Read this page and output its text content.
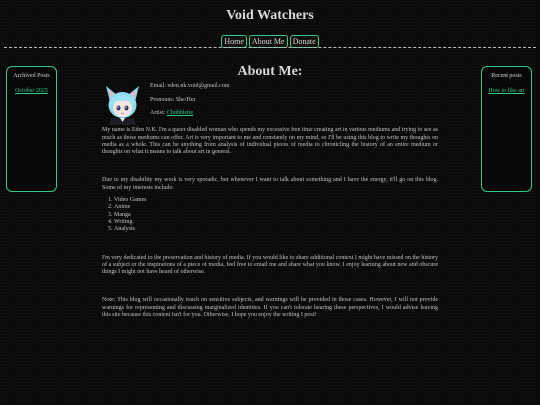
Void Watchers
Home About Me Donate
Archived Posts
October 2025
Recent posts
How to like art
About Me:

Email: eden.nk.void@gmail.com

Pronouns: She/Her

Artist: Chubblette

My name is Eden N.K. I'm a queer disabled woman who spends my excessive free time creating art in various mediums and trying to see as much as those mediums can offer. Art is very important to me and constantly on my mind, so I'll be using this blog to write my thoughts on media as a whole. This can be anything from analysis of individual pieces of media to chronicling the history of an entire medium or thoughts on what it means to talk about art in general.

Due to my disability my work is very sporadic, but whenever I want to talk about something and I have the energy, it'll go on this blog. Some of my interests include:

1. Video Games
2. Anime
3. Manga
4. Writing
5. Analysis

I'm very dedicated to the preservation and history of media. If you would like to share additional context I might have missed on the history of a subject or the inspirations of a piece of media, feel free to email me and share what you know. I enjoy learning about new and obscure things I might not have heard of otherwise.

Note: This blog will occasionally touch on sensitive subjects, and warnings will be provided in those cases. However, I will not provide warnings for representing and discussing marginalized identities. If you can't tolerate hearing these perspectives, I would advise leaving this site because this content isn't for you. Otherwise, I hope you enjoy the writing I post!
